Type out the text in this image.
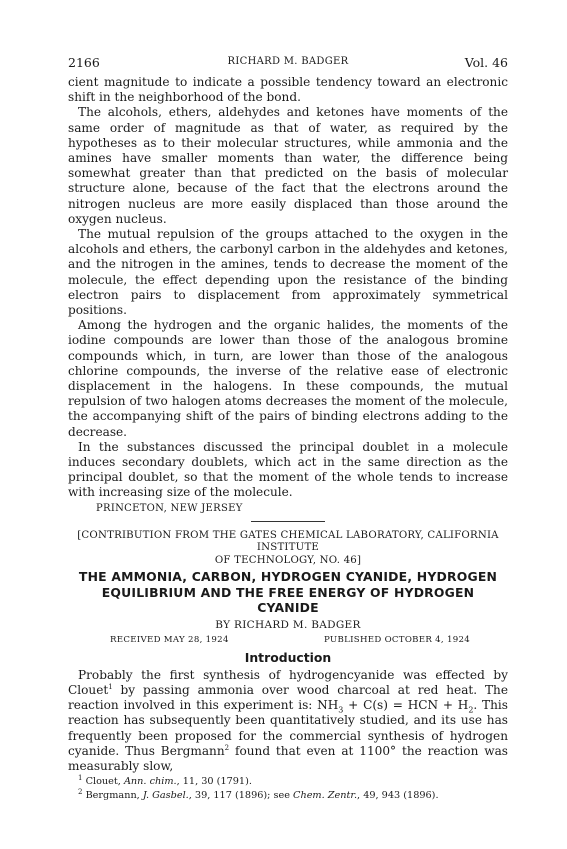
2166	RICHARD M. BADGER	Vol. 46

cient magnitude to indicate a possible tendency toward an electronic shift in the neighborhood of the bond.

The alcohols, ethers, aldehydes and ketones have moments of the same order of magnitude as that of water, as required by the hypotheses as to their molecular structures, while ammonia and the amines have smaller moments than water, the difference being somewhat greater than that predicted on the basis of molecular structure alone, because of the fact that the electrons around the nitrogen nucleus are more easily displaced than those around the oxygen nucleus.

The mutual repulsion of the groups attached to the oxygen in the alcohols and ethers, the carbonyl carbon in the aldehydes and ketones, and the nitrogen in the amines, tends to decrease the moment of the molecule, the effect depending upon the resistance of the binding electron pairs to displacement from approximately symmetrical positions.

Among the hydrogen and the organic halides, the moments of the iodine compounds are lower than those of the analogous bromine compounds which, in turn, are lower than those of the analogous chlorine compounds, the inverse of the relative ease of electronic displacement in the halogens. In these compounds, the mutual repulsion of two halogen atoms decreases the moment of the molecule, the accompanying shift of the pairs of binding electrons adding to the decrease.

In the substances discussed the principal doublet in a molecule induces secondary doublets, which act in the same direction as the principal doublet, so that the moment of the whole tends to increase with increasing size of the molecule.

PRINCETON, NEW JERSEY
[CONTRIBUTION FROM THE GATES CHEMICAL LABORATORY, CALIFORNIA INSTITUTE
OF TECHNOLOGY, NO. 46]
THE AMMONIA, CARBON, HYDROGEN CYANIDE, HYDROGEN
EQUILIBRIUM AND THE FREE ENERGY OF HYDROGEN
CYANIDE
BY RICHARD M. BADGER
RECEIVED MAY 28, 1924	PUBLISHED OCTOBER 4, 1924
Introduction

Probably the first synthesis of hydrogencyanide was effected by Clouet$^1$ by passing ammonia over wood charcoal at red heat. The reaction involved in this experiment is: $NH_3 + C(s)$ = HCN + $H_2$. This reaction has subsequently been quantitatively studied, and its use has frequently been proposed for the commercial synthesis of hydrogen cyanide. Thus Bergmann$^2$ found that even at 1100° the reaction was measurably slow,

$^1$ Clouet, Ann. chim., 11, 30 (1791).
$^2$ Bergmann, J. Gasbel., 39, 117 (1896); see Chem. Zentr., 49, 943 (1896).
